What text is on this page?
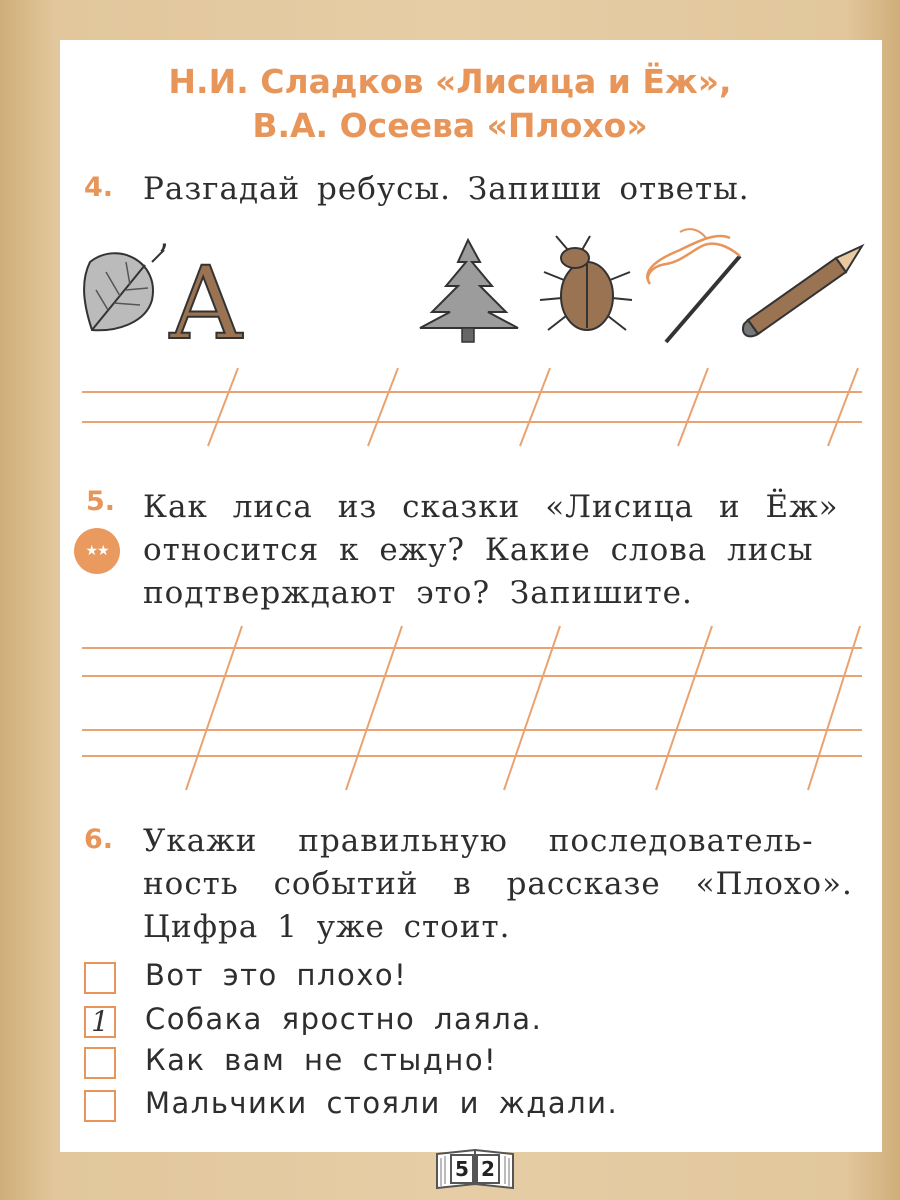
Н.И. Сладков «Лисица и Ёж»,
В.А. Осеева «Плохо»
4. Разгадай ребусы. Запиши ответы.
’ А
5.
★★
Как лиса из сказки «Лисица и Ёж»
относится к ежу? Какие слова лисы
подтверждают это? Запишите.
6. Укажи правильную последователь-
ность событий в рассказе «Плохо».
Цифра 1 уже стоит.
Вот это плохо!
1 Собака яростно лаяла.
Как вам не стыдно!
Мальчики стояли и ждали.
5 2
